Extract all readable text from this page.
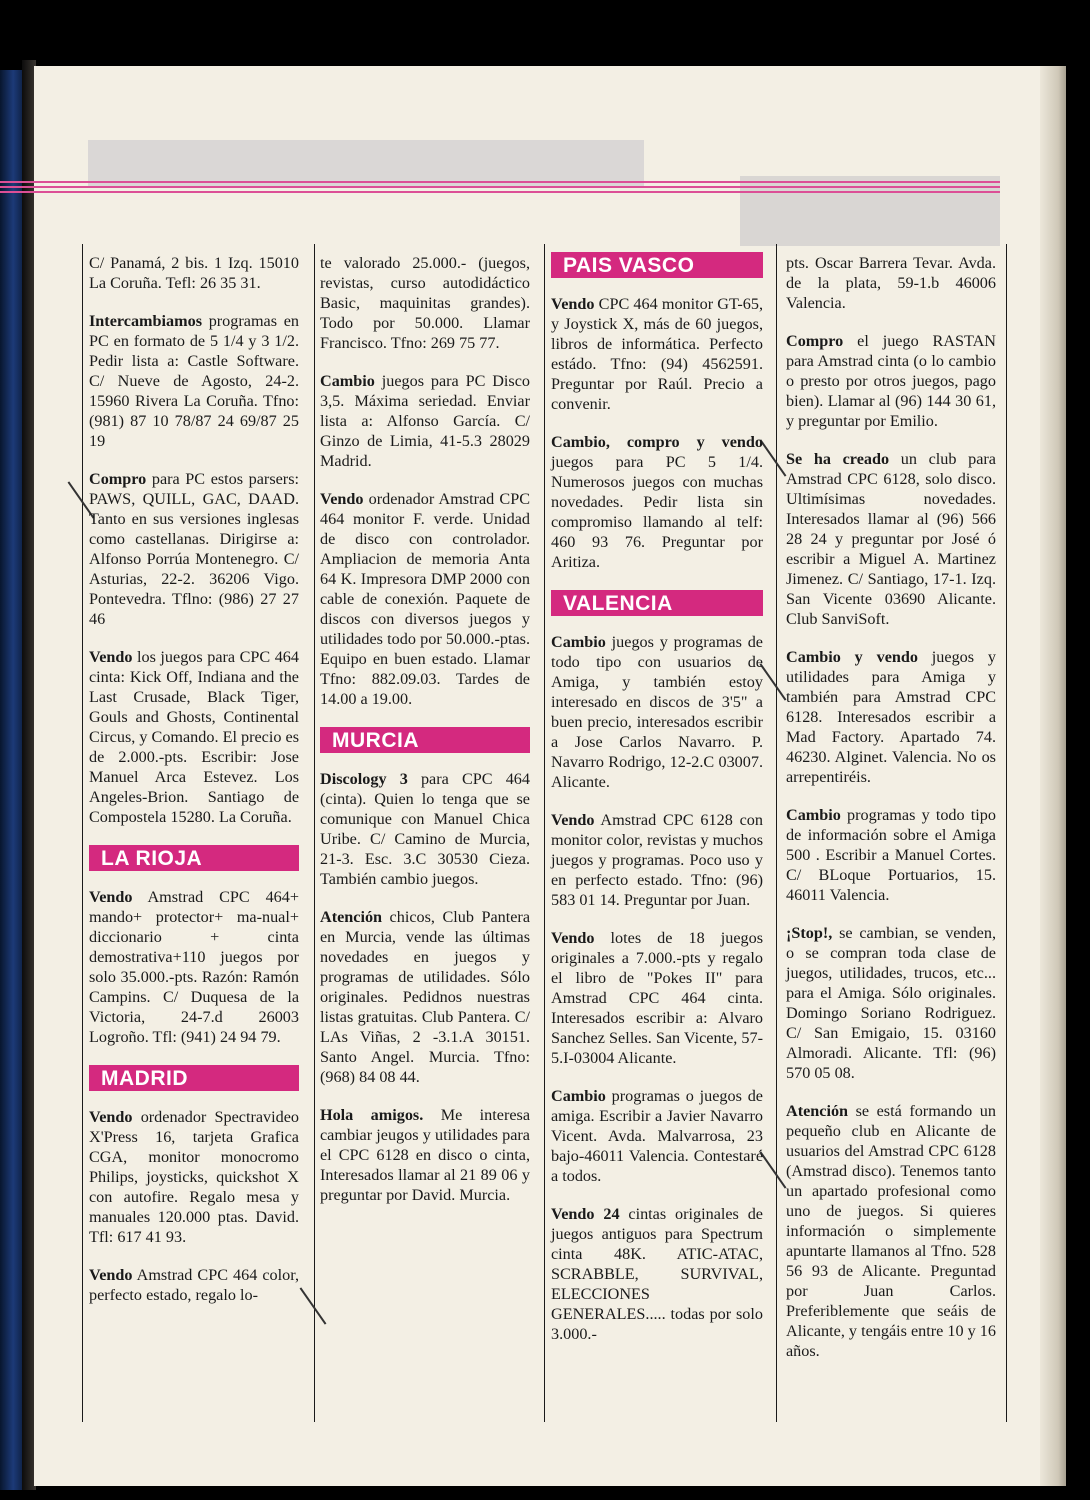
C/ Panamá, 2 bis. 1 Izq. 15010 La Coruña. Tefl: 26 35 31.

Intercambiamos programas en PC en formato de 5 1/4 y 3 1/2. Pedir lista a: Castle Software. C/ Nueve de Agosto, 24-2. 15960 Rivera La Coruña. Tfno: (981) 87 10 78/87 24 69/87 25 19

Compro para PC estos parsers: PAWS, QUILL, GAC, DAAD. Tanto en sus versiones inglesas como castellanas. Dirigirse a: Alfonso Porrúa Montenegro. C/ Asturias, 22-2. 36206 Vigo. Pontevedra. Tflno: (986) 27 27 46

Vendo los juegos para CPC 464 cinta: Kick Off, Indiana and the Last Crusade, Black Tiger, Gouls and Ghosts, Continental Circus, y Comando. El precio es de 2.000.-pts. Escribir: Jose Manuel Arca Estevez. Los Angeles-Brion. Santiago de Compostela 15280. La Coruña.

LA RIOJA

Vendo Amstrad CPC 464+ mando+ protector+ ma-nual+ diccionario + cinta demostrativa+110 juegos por solo 35.000.-pts. Razón: Ramón Campins. C/ Duquesa de la Victoria, 24-7.d 26003 Logroño. Tfl: (941) 24 94 79.

MADRID

Vendo ordenador Spectravideo X'Press 16, tarjeta Grafica CGA, monitor monocromo Philips, joysticks, quickshot X con autofire. Regalo mesa y manuales 120.000 ptas. David. Tfl: 617 41 93.

Vendo Amstrad CPC 464 color, perfecto estado, regalo lo-

te valorado 25.000.- (juegos, revistas, curso autodidáctico Basic, maquinitas grandes). Todo por 50.000. Llamar Francisco. Tfno: 269 75 77.

Cambio juegos para PC Disco 3,5. Máxima seriedad. Enviar lista a: Alfonso García. C/ Ginzo de Limia, 41-5.3 28029 Madrid.

Vendo ordenador Amstrad CPC 464 monitor F. verde. Unidad de disco con controlador. Ampliacion de memoria Anta 64 K. Impresora DMP 2000 con cable de conexión. Paquete de discos con diversos juegos y utilidades todo por 50.000.-ptas. Equipo en buen estado. Llamar Tfno: 882.09.03. Tardes de 14.00 a 19.00.

MURCIA

Discology 3 para CPC 464 (cinta). Quien lo tenga que se comunique con Manuel Chica Uribe. C/ Camino de Murcia, 21-3. Esc. 3.C 30530 Cieza. También cambio juegos.

Atención chicos, Club Pantera en Murcia, vende las últimas novedades en juegos y programas de utilidades. Sólo originales. Pedidnos nuestras listas gratuitas. Club Pantera. C/ LAs Viñas, 2 -3.1.A 30151. Santo Angel. Murcia. Tfno:(968) 84 08 44.

Hola amigos. Me interesa cambiar jeugos y utilidades para el CPC 6128 en disco o cinta, Interesados llamar al 21 89 06 y preguntar por David. Murcia.

PAIS VASCO

Vendo CPC 464 monitor GT-65, y Joystick X, más de 60 juegos, libros de informática. Perfecto estádo. Tfno: (94) 4562591. Preguntar por Raúl. Precio a convenir.

Cambio, compro y vendo juegos para PC 5 1/4. Numerosos juegos con muchas novedades. Pedir lista sin compromiso llamando al telf: 460 93 76. Preguntar por Aritiza.

VALENCIA

Cambio juegos y programas de todo tipo con usuarios de Amiga, y también estoy interesado en discos de 3'5" a buen precio, interesados escribir a Jose Carlos Navarro. P. Navarro Rodrigo, 12-2.C 03007. Alicante.

Vendo Amstrad CPC 6128 con monitor color, revistas y muchos juegos y programas. Poco uso y en perfecto estado. Tfno: (96) 583 01 14. Preguntar por Juan.

Vendo lotes de 18 juegos originales a 7.000.-pts y regalo el libro de "Pokes II" para Amstrad CPC 464 cinta. Interesados escribir a: Alvaro Sanchez Selles. San Vicente, 57-5.I-03004 Alicante.

Cambio programas o juegos de amiga. Escribir a Javier Navarro Vicent. Avda. Malvarrosa, 23 bajo-46011 Valencia. Contestaré a todos.

Vendo 24 cintas originales de juegos antiguos para Spectrum cinta 48K. ATIC-ATAC, SCRABBLE, SURVIVAL, ELECCIONES GENERALES..... todas por solo 3.000.-

pts. Oscar Barrera Tevar. Avda. de la plata, 59-1.b 46006 Valencia.

Compro el juego RASTAN para Amstrad cinta (o lo cambio o presto por otros juegos, pago bien). Llamar al (96) 144 30 61, y preguntar por Emilio.

Se ha creado un club para Amstrad CPC 6128, solo disco. Ultimísimas novedades. Interesados llamar al (96) 566 28 24 y preguntar por José ó escribir a Miguel A. Martinez Jimenez. C/ Santiago, 17-1. Izq. San Vicente 03690 Alicante. Club SanviSoft.

Cambio y vendo juegos y utilidades para Amiga y también para Amstrad CPC 6128. Interesados escribir a Mad Factory. Apartado 74. 46230. Alginet. Valencia. No os arrepentiréis.

Cambio programas y todo tipo de información sobre el Amiga 500 . Escribir a Manuel Cortes. C/ BLoque Portuarios, 15. 46011 Valencia.

¡Stop!, se cambian, se venden, o se compran toda clase de juegos, utilidades, trucos, etc... para el Amiga. Sólo originales. Domingo Soriano Rodriguez. C/ San Emigaio, 15. 03160 Almoradi. Alicante. Tfl: (96) 570 05 08.

Atención se está formando un pequeño club en Alicante de usuarios del Amstrad CPC 6128 (Amstrad disco). Tenemos tanto un apartado profesional como uno de juegos. Si quieres información o simplemente apuntarte llamanos al Tfno. 528 56 93 de Alicante. Preguntad por Juan Carlos. Preferiblemente que seáis de Alicante, y tengáis entre 10 y 16 años.
